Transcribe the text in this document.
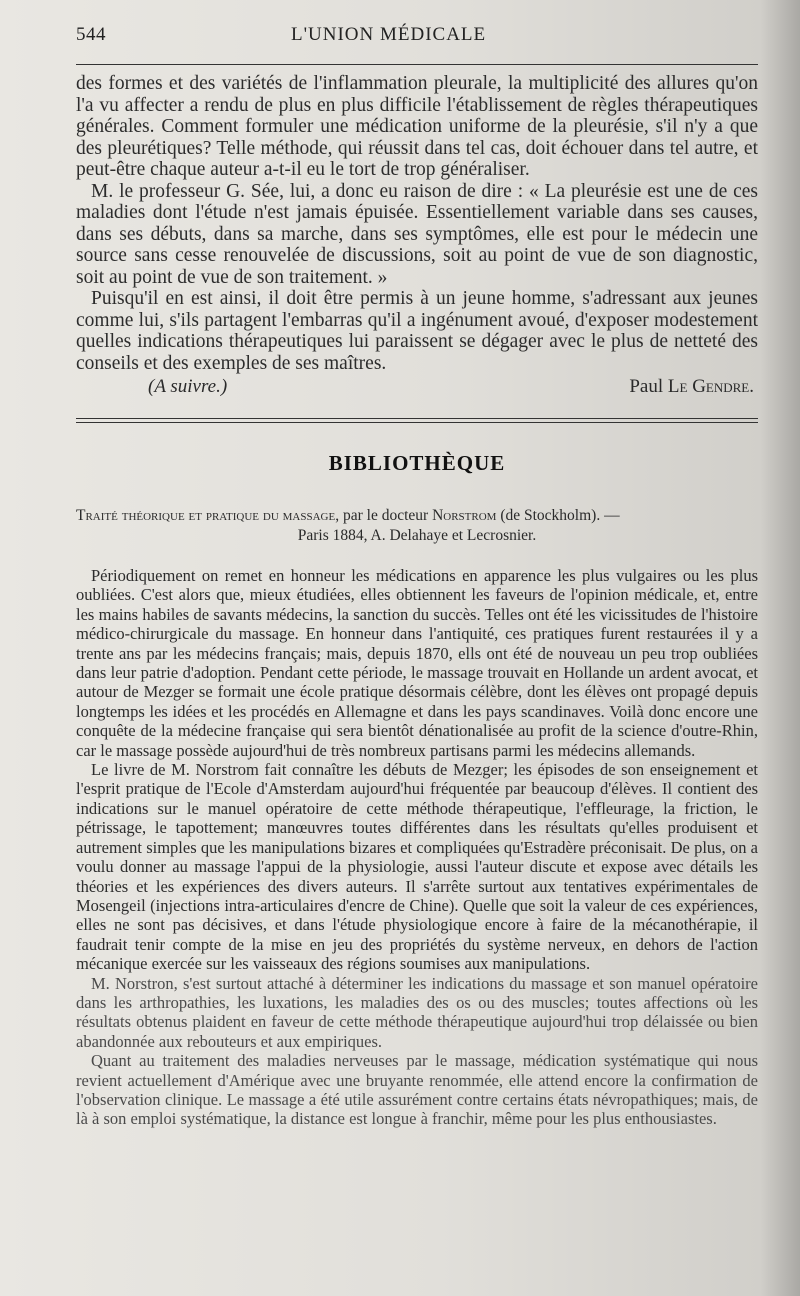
544	L'UNION MÉDICALE

des formes et des variétés de l'inflammation pleurale, la multiplicité des allures qu'on l'a vu affecter a rendu de plus en plus difficile l'établissement de règles thérapeutiques générales. Comment formuler une médication uniforme de la pleurésie, s'il n'y a que des pleurétiques? Telle méthode, qui réussit dans tel cas, doit échouer dans tel autre, et peut-être chaque auteur a-t-il eu le tort de trop généraliser.

M. le professeur G. Sée, lui, a donc eu raison de dire : « La pleurésie est une de ces maladies dont l'étude n'est jamais épuisée. Essentiellement variable dans ses causes, dans ses débuts, dans sa marche, dans ses symptômes, elle est pour le médecin une source sans cesse renouvelée de discussions, soit au point de vue de son diagnostic, soit au point de vue de son traitement. »

Puisqu'il en est ainsi, il doit être permis à un jeune homme, s'adressant aux jeunes comme lui, s'ils partagent l'embarras qu'il a ingénument avoué, d'exposer modestement quelles indications thérapeutiques lui paraissent se dégager avec le plus de netteté des conseils et des exemples de ses maîtres.

(A suivre.)	Paul Le Gendre.
BIBLIOTHÈQUE
Traité théorique et pratique du massage, par le docteur Norstrom (de Stockholm). —
Paris 1884, A. Delahaye et Lecrosnier.

Périodiquement on remet en honneur les médications en apparence les plus vulgaires ou les plus oubliées. C'est alors que, mieux étudiées, elles obtiennent les faveurs de l'opinion médicale, et, entre les mains habiles de savants médecins, la sanction du succès. Telles ont été les vicissitudes de l'histoire médico-chirurgicale du massage. En honneur dans l'antiquité, ces pratiques furent restaurées il y a trente ans par les médecins français; mais, depuis 1870, ells ont été de nouveau un peu trop oubliées dans leur patrie d'adoption. Pendant cette période, le massage trouvait en Hollande un ardent avocat, et autour de Mezger se formait une école pratique désormais célèbre, dont les élèves ont propagé depuis longtemps les idées et les procédés en Allemagne et dans les pays scandinaves. Voilà donc encore une conquête de la médecine française qui sera bientôt dénationalisée au profit de la science d'outre-Rhin, car le massage possède aujourd'hui de très nombreux partisans parmi les médecins allemands.

Le livre de M. Norstrom fait connaître les débuts de Mezger; les épisodes de son enseignement et l'esprit pratique de l'Ecole d'Amsterdam aujourd'hui fréquentée par beaucoup d'élèves. Il contient des indications sur le manuel opératoire de cette méthode thérapeutique, l'effleurage, la friction, le pétrissage, le tapottement; manœuvres toutes différentes dans les résultats qu'elles produisent et autrement simples que les manipulations bizares et compliquées qu'Estradère préconisait. De plus, on a voulu donner au massage l'appui de la physiologie, aussi l'auteur discute et expose avec détails les théories et les expériences des divers auteurs. Il s'arrête surtout aux tentatives expérimentales de Mosengeil (injections intra-articulaires d'encre de Chine). Quelle que soit la valeur de ces expériences, elles ne sont pas décisives, et dans l'étude physiologique encore à faire de la mécanothérapie, il faudrait tenir compte de la mise en jeu des propriétés du système nerveux, en dehors de l'action mécanique exercée sur les vaisseaux des régions soumises aux manipulations.

M. Norstron, s'est surtout attaché à déterminer les indications du massage et son manuel opératoire dans les arthropathies, les luxations, les maladies des os ou des muscles; toutes affections où les résultats obtenus plaident en faveur de cette méthode thérapeutique aujourd'hui trop délaissée ou bien abandonnée aux rebouteurs et aux empiriques.

Quant au traitement des maladies nerveuses par le massage, médication systématique qui nous revient actuellement d'Amérique avec une bruyante renommée, elle attend encore la confirmation de l'observation clinique. Le massage a été utile assurément contre certains états névropathiques; mais, de là à son emploi systématique, la distance est longue à franchir, même pour les plus enthousiastes.
